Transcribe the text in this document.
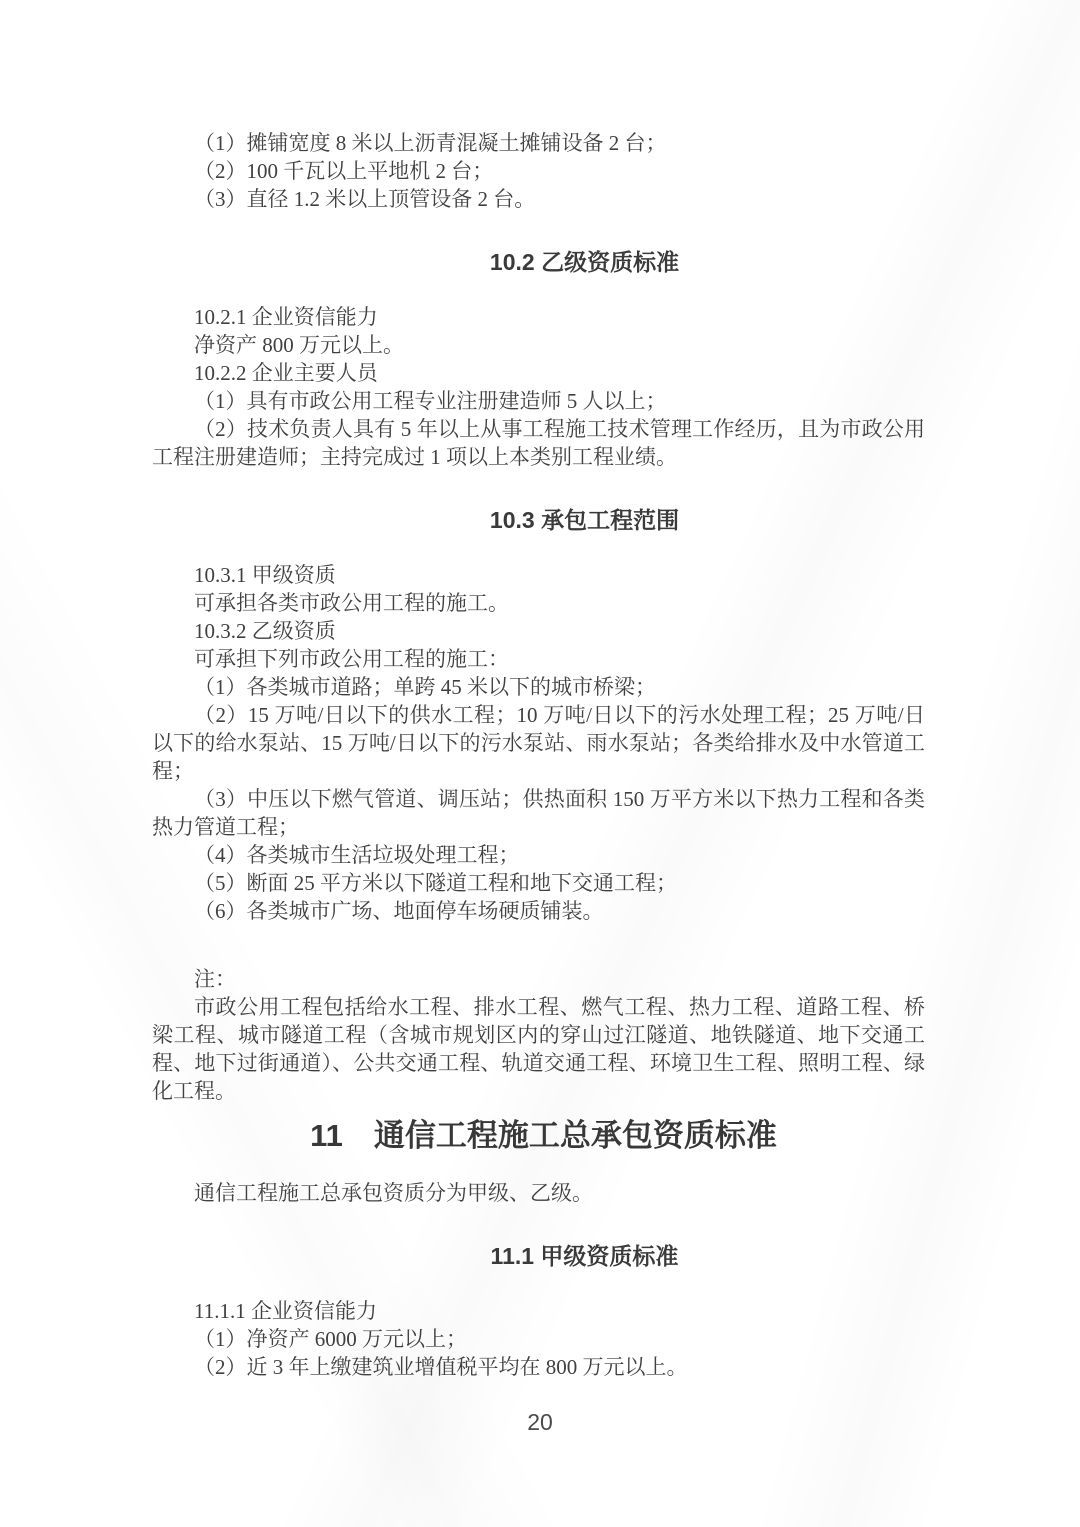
（1）摊铺宽度 8 米以上沥青混凝土摊铺设备 2 台；

（2）100 千瓦以上平地机 2 台；

（3）直径 1.2 米以上顶管设备 2 台。

10.2 乙级资质标准

10.2.1 企业资信能力

净资产 800 万元以上。

10.2.2 企业主要人员

（1）具有市政公用工程专业注册建造师 5 人以上；

（2）技术负责人具有 5 年以上从事工程施工技术管理工作经历，且为市政公用工程注册建造师；主持完成过 1 项以上本类别工程业绩。

10.3 承包工程范围

10.3.1 甲级资质

可承担各类市政公用工程的施工。

10.3.2 乙级资质

可承担下列市政公用工程的施工：

（1）各类城市道路；单跨 45 米以下的城市桥梁；

（2）15 万吨/日以下的供水工程；10 万吨/日以下的污水处理工程；25 万吨/日以下的给水泵站、15 万吨/日以下的污水泵站、雨水泵站；各类给排水及中水管道工程；

（3）中压以下燃气管道、调压站；供热面积 150 万平方米以下热力工程和各类热力管道工程；

（4）各类城市生活垃圾处理工程；

（5）断面 25 平方米以下隧道工程和地下交通工程；

（6）各类城市广场、地面停车场硬质铺装。

注：

市政公用工程包括给水工程、排水工程、燃气工程、热力工程、道路工程、桥梁工程、城市隧道工程（含城市规划区内的穿山过江隧道、地铁隧道、地下交通工程、地下过街通道）、公共交通工程、轨道交通工程、环境卫生工程、照明工程、绿化工程。

11　通信工程施工总承包资质标准

通信工程施工总承包资质分为甲级、乙级。

11.1 甲级资质标准

11.1.1 企业资信能力

（1）净资产 6000 万元以上；

（2）近 3 年上缴建筑业增值税平均在 800 万元以上。

20
